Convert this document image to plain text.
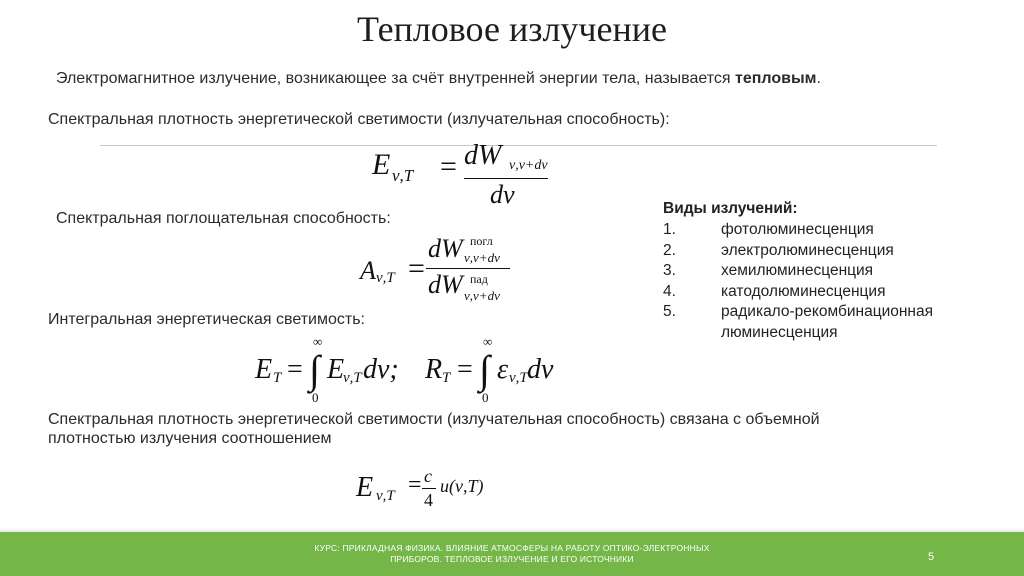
Тепловое излучение
Электромагнитное излучение, возникающее за счёт внутренней энергии тела, называется тепловым.
Спектральная плотность энергетической светимости (излучательная способность):
E ν,T = dW ν,ν+dν
dν
Спектральная поглощательная способность:
A ν,T =
dW погл
ν,ν+dν
dW пад
ν,ν+dν
Интегральная энергетическая светимость:
E T =
∞
∫
0
E
ν,T dν; R T =
∞
∫
0
ε ν,T dν
Спектральная плотность энергетической светимости (излучательная способность) связана с объемной
плотностью излучения соотношением
E ν,T = c
4
u(ν,T)
Виды излучений:
1.	фотолюминесценция
2.	электролюминесценция
3.	хемилюминесценция
4.	катодолюминесценция
5.	радикало-рекомбинационная
люминесценция
КУРС: ПРИКЛАДНАЯ ФИЗИКА. ВЛИЯНИЕ АТМОСФЕРЫ НА РАБОТУ ОПТИКО-ЭЛЕКТРОННЫХ
ПРИБОРОВ. ТЕПЛОВОЕ ИЗЛУЧЕНИЕ И ЕГО ИСТОЧНИКИ	5
